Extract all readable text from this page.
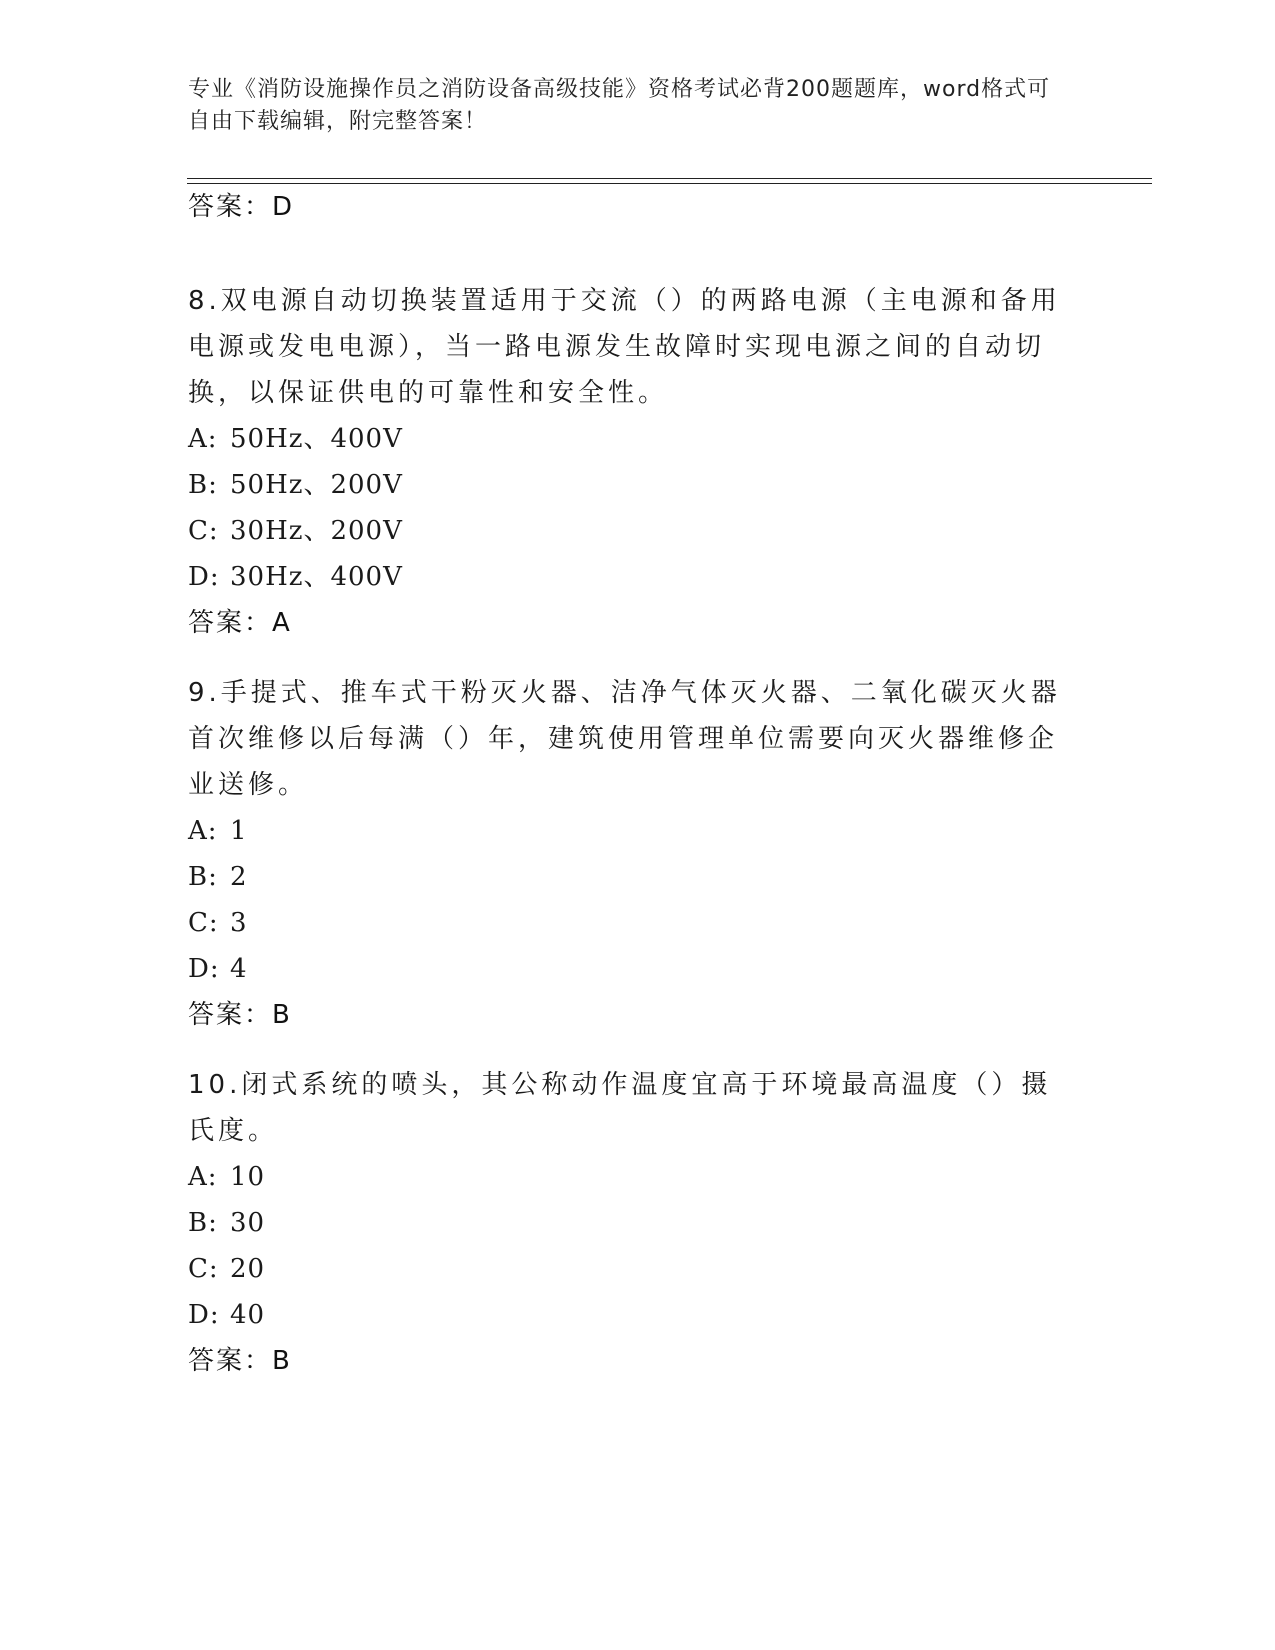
专业《消防设施操作员之消防设备高级技能》资格考试必背200题题库，word格式可自由下载编辑，附完整答案！
答案：D
8.双电源自动切换装置适用于交流（）的两路电源（主电源和备用电源或发电电源），当一路电源发生故障时实现电源之间的自动切换，以保证供电的可靠性和安全性。
A: 50Hz、400V
B: 50Hz、200V
C: 30Hz、200V
D: 30Hz、400V
答案：A
9.手提式、推车式干粉灭火器、洁净气体灭火器、二氧化碳灭火器首次维修以后每满（）年，建筑使用管理单位需要向灭火器维修企业送修。
A: 1
B: 2
C: 3
D: 4
答案：B
10.闭式系统的喷头，其公称动作温度宜高于环境最高温度（）摄氏度。
A: 10
B: 30
C: 20
D: 40
答案：B
